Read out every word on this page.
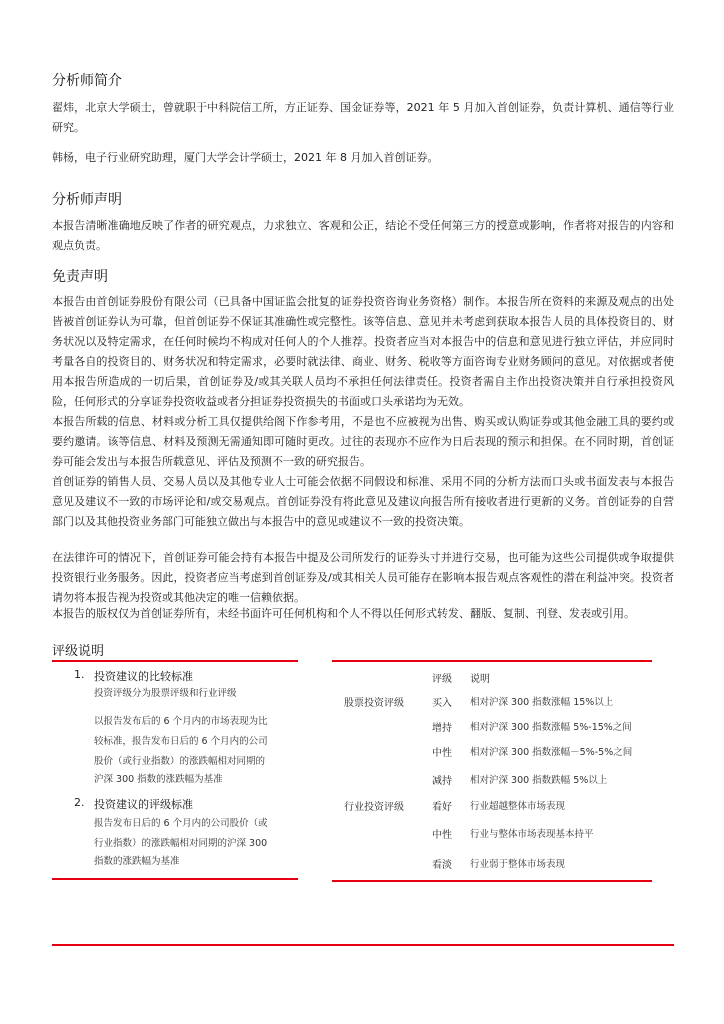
分析师简介

翟炜，北京大学硕士，曾就职于中科院信工所，方正证券、国金证券等，2021 年 5 月加入首创证券，负责计算机、通信等行业研究。

韩杨，电子行业研究助理，厦门大学会计学硕士，2021 年 8 月加入首创证券。

分析师声明

本报告清晰准确地反映了作者的研究观点，力求独立、客观和公正，结论不受任何第三方的授意或影响，作者将对报告的内容和观点负责。

免责声明

本报告由首创证券股份有限公司（已具备中国证监会批复的证券投资咨询业务资格）制作。本报告所在资料的来源及观点的出处皆被首创证券认为可靠，但首创证券不保证其准确性或完整性。该等信息、意见并未考虑到获取本报告人员的具体投资目的、财务状况以及特定需求，在任何时候均不构成对任何人的个人推荐。投资者应当对本报告中的信息和意见进行独立评估，并应同时考量各自的投资目的、财务状况和特定需求，必要时就法律、商业、财务、税收等方面咨询专业财务顾问的意见。对依据或者使用本报告所造成的一切后果，首创证券及/或其关联人员均不承担任何法律责任。投资者需自主作出投资决策并自行承担投资风险，任何形式的分享证券投资收益或者分担证券投资损失的书面或口头承诺均为无效。

本报告所载的信息、材料或分析工具仅提供给阁下作参考用，不是也不应被视为出售、购买或认购证券或其他金融工具的要约或要约邀请。该等信息、材料及预测无需通知即可随时更改。过往的表现亦不应作为日后表现的预示和担保。在不同时期，首创证券可能会发出与本报告所载意见、评估及预测不一致的研究报告。

首创证券的销售人员、交易人员以及其他专业人士可能会依据不同假设和标准、采用不同的分析方法而口头或书面发表与本报告意见及建议不一致的市场评论和/或交易观点。首创证券没有将此意见及建议向报告所有接收者进行更新的义务。首创证券的自营部门以及其他投资业务部门可能独立做出与本报告中的意见或建议不一致的投资决策。

在法律许可的情况下，首创证券可能会持有本报告中提及公司所发行的证券头寸并进行交易，也可能为这些公司提供或争取提供投资银行业务服务。因此，投资者应当考虑到首创证券及/或其相关人员可能存在影响本报告观点客观性的潜在利益冲突。投资者请勿将本报告视为投资或其他决定的唯一信赖依据。

本报告的版权仅为首创证券所有，未经书面许可任何机构和个人不得以任何形式转发、翻版、复制、刊登、发表或引用。

评级说明
1. 投资建议的比较标准
投资评级分为股票评级和行业评级
以报告发布后的 6 个月内的市场表现为比
较标准，报告发布日后的 6 个月内的公司
股价（或行业指数）的涨跌幅相对同期的
沪深 300 指数的涨跌幅为基准
2. 投资建议的评级标准
报告发布日后的 6 个月内的公司股价（或
行业指数）的涨跌幅相对同期的沪深 300
指数的涨跌幅为基准
评级 说明
股票投资评级	买入 相对沪深 300 指数涨幅 15%以上
增持 相对沪深 300 指数涨幅 5%-15%之间
中性 相对沪深 300 指数涨幅－5%-5%之间
减持 相对沪深 300 指数跌幅 5%以上
行业投资评级	看好 行业超越整体市场表现
中性 行业与整体市场表现基本持平
看淡 行业弱于整体市场表现
